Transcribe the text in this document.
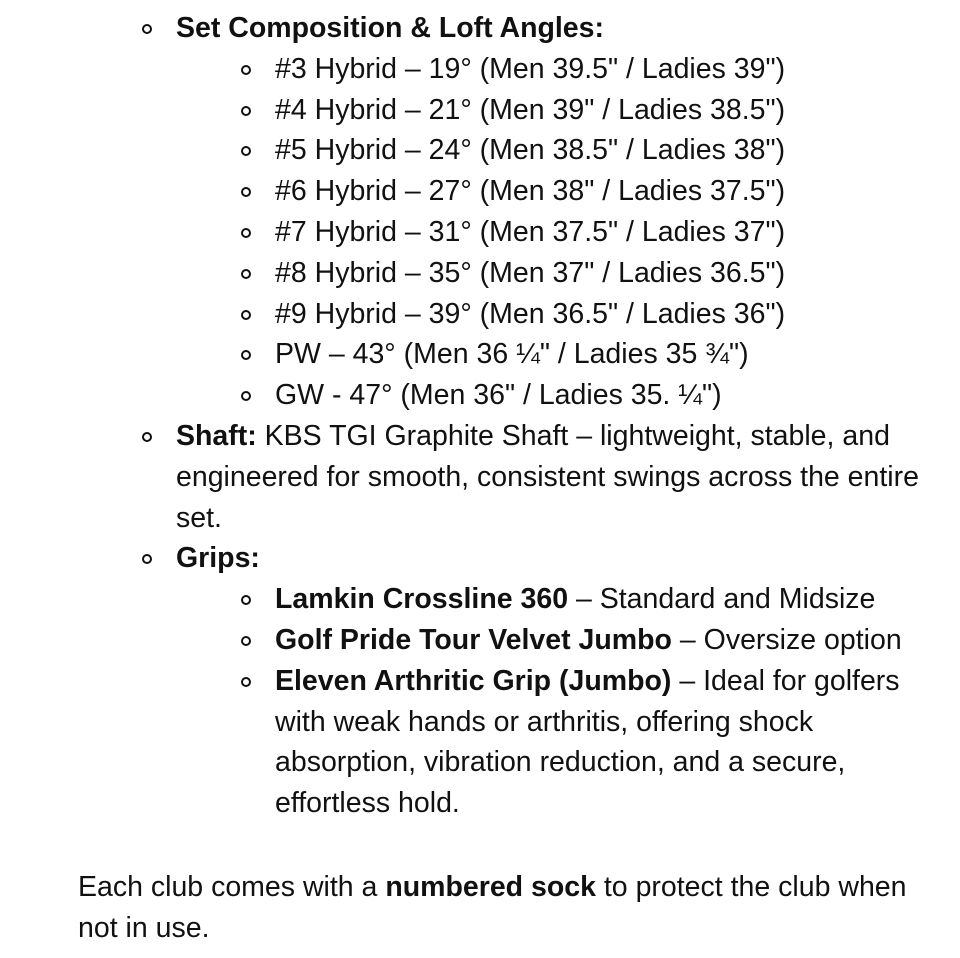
Set Composition & Loft Angles:
#3 Hybrid – 19° (Men 39.5" / Ladies 39")
#4 Hybrid – 21° (Men 39" / Ladies 38.5")
#5 Hybrid – 24° (Men 38.5" / Ladies 38")
#6 Hybrid – 27° (Men 38" / Ladies 37.5")
#7 Hybrid – 31° (Men 37.5" / Ladies 37")
#8 Hybrid – 35° (Men 37" / Ladies 36.5")
#9 Hybrid – 39° (Men 36.5" / Ladies 36")
PW – 43° (Men 36 ¼" / Ladies 35 ¾")
GW - 47° (Men 36" / Ladies 35. ¼")
Shaft: KBS TGI Graphite Shaft – lightweight, stable, and engineered for smooth, consistent swings across the entire set.
Grips:
Lamkin Crossline 360 – Standard and Midsize
Golf Pride Tour Velvet Jumbo – Oversize option
Eleven Arthritic Grip (Jumbo) – Ideal for golfers with weak hands or arthritis, offering shock absorption, vibration reduction, and a secure, effortless hold.

Each club comes with a numbered sock to protect the club when not in use.
